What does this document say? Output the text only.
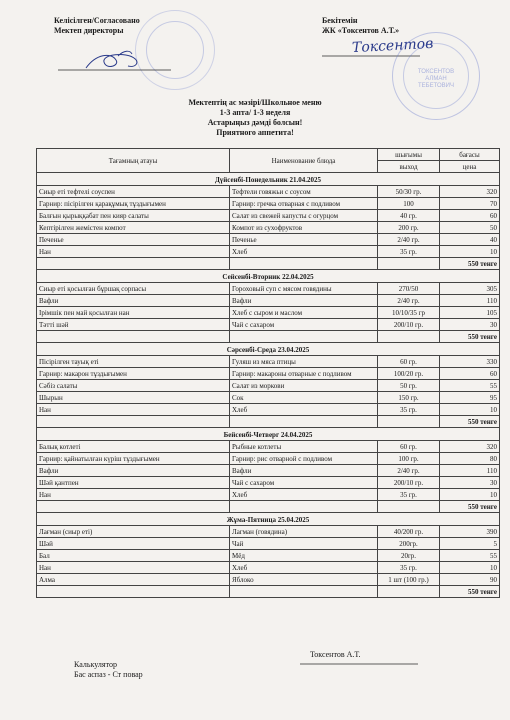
Келісілген/Согласовано
Мектеп директоры
Бекітемін
ЖК «Токсентов А.Т.»
Токсентов
ТОКСЕНТОВ
АЛМАН
ТЕБЕТОВИЧ
Мектептің ас мәзірі/Школьное меню
1-3 апта/ 1-3 неделя
Астарыңыз дәмді болсын!
Приятного аппетита!
Тағамның атауы	Наименование блюда	шығымы	бағасы
		выход	цена
Дүйсенбі-Понедельник 21.04.2025			
Сиыр еті тефтелі соуспен	Тефтели говяжьи с соусом	50/30 гр.	320
Гарнир: пісірілген қарақұмық тұздығымен	Гарнир: гречка отварная с подливом	100	70
Балғын қырыққабат пен кияр салаты	Салат из свежей капусты с огурцом	40 гр.	60
Кептірілген жемістен компот	Компот из сухофруктов	200 гр.	50
Печенье	Печенье	2/40 гр.	40
Нан	Хлеб	35 гр.	10
			550 тенге
Сейсенбі-Вторник 22.04.2025			
Сиыр еті қосылған бұршақ сорпасы	Гороховый суп с мясом говядины	270/50	305
Вафли	Вафли	2/40 гр.	110
Ірімшік пен май қосылған нан	Хлеб с сыром и маслом	10/10/35 гр	105
Тәтті шәй	Чай с сахаром	200/10 гр.	30
			550 тенге
Сәрсенбі-Среда 23.04.2025			
Пісірілген тауық еті	Гуляш из мяса птицы	60 гр.	330
Гарнир: макарон тұздығымен	Гарнир: макароны отварные с подливом	100/20 гр.	60
Сәбіз салаты	Салат из моркови	50 гр.	55
Шырын	Сок	150 гр.	95
Нан	Хлеб	35 гр.	10
			550 тенге
Бейсенбі-Четверг 24.04.2025			
Балық котлеті	Рыбные котлеты	60 гр.	320
Гарнир: қайнатылған күріш тұздығымен	Гарнир: рис отварной с подливом	100 гр.	80
Вафли	Вафли	2/40 гр.	110
Шәй қантпен	Чай с сахаром	200/10 гр.	30
Нан	Хлеб	35 гр.	10
			550 тенге
Жұма-Пятница 25.04.2025			
Лағман (сиыр еті)	Лагман (говядина)	40/200 гр.	390
Шәй	Чай	200гр.	5
Бал	Мёд	20гр.	55
Нан	Хлеб	35 гр.	10
Алма	Яблоко	1 шт (100 гр.)	90
			550 тенге
Калькулятор
Бас аспаз - Ст повар
Токсентов А.Т.
